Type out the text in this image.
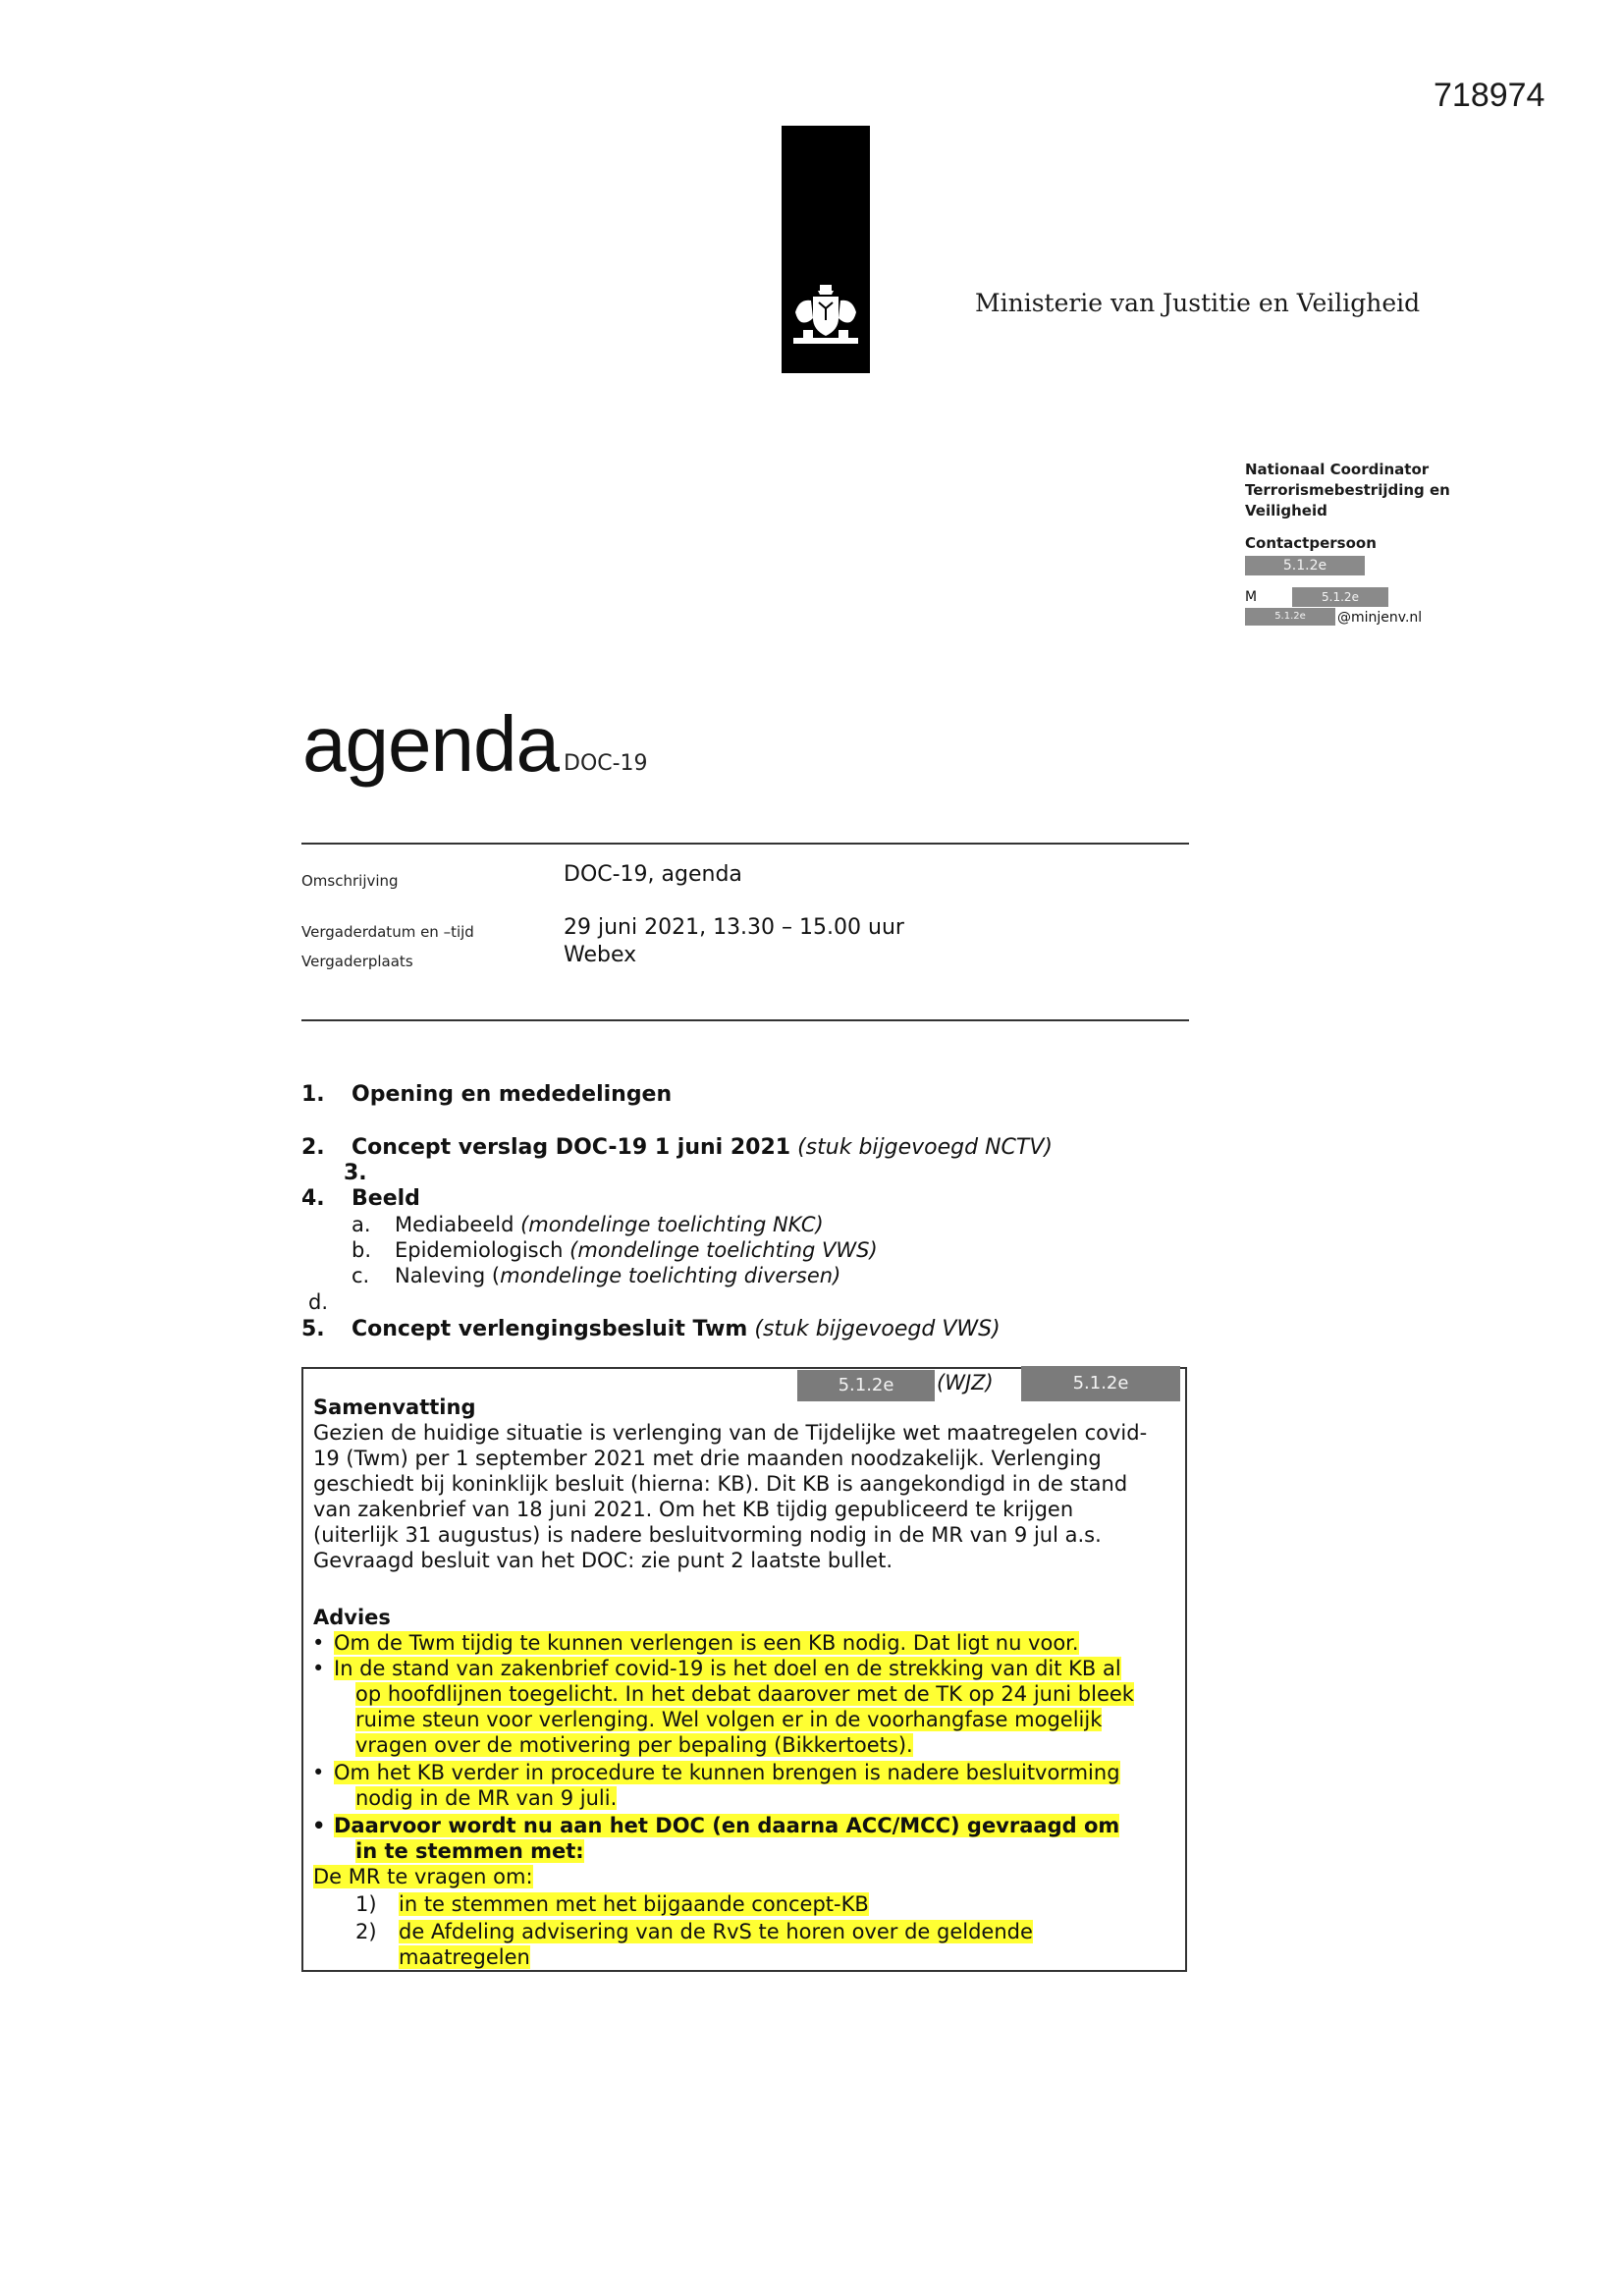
718974
Ministerie van Justitie en Veiligheid
Nationaal Coordinator Terrorismebestrijding en Veiligheid
Contactpersoon
5.1.2e
M	5.1.2e
5.1.2e	@minjenv.nl
agenda DOC-19
Omschrijving	DOC-19, agenda
Vergaderdatum en –tijd	29 juni 2021, 13.30 – 15.00 uur
Vergaderplaats	Webex
1. Opening en mededelingen
2. Concept verslag DOC-19 1 juni 2021 (stuk bijgevoegd NCTV)
3.
4. Beeld
a. Mediabeeld (mondelinge toelichting NKC)
b. Epidemiologisch (mondelinge toelichting VWS)
c. Naleving (mondelinge toelichting diversen)
d.
5. Concept verlengingsbesluit Twm (stuk bijgevoegd VWS)
5.1.2e	(WJZ)	5.1.2e
Samenvatting
Gezien de huidige situatie is verlenging van de Tijdelijke wet maatregelen covid-
19 (Twm) per 1 september 2021 met drie maanden noodzakelijk. Verlenging
geschiedt bij koninklijk besluit (hierna: KB). Dit KB is aangekondigd in de stand
van zakenbrief van 18 juni 2021. Om het KB tijdig gepubliceerd te krijgen
(uiterlijk 31 augustus) is nadere besluitvorming nodig in de MR van 9 jul a.s.
Gevraagd besluit van het DOC: zie punt 2 laatste bullet.
Advies
• Om de Twm tijdig te kunnen verlengen is een KB nodig. Dat ligt nu voor.
• In de stand van zakenbrief covid-19 is het doel en de strekking van dit KB al
op hoofdlijnen toegelicht. In het debat daarover met de TK op 24 juni bleek
ruime steun voor verlenging. Wel volgen er in de voorhangfase mogelijk
vragen over de motivering per bepaling (Bikkertoets).
• Om het KB verder in procedure te kunnen brengen is nadere besluitvorming
nodig in de MR van 9 juli.
• Daarvoor wordt nu aan het DOC (en daarna ACC/MCC) gevraagd om
in te stemmen met:
De MR te vragen om:
1) in te stemmen met het bijgaande concept-KB
2) de Afdeling advisering van de RvS te horen over de geldende
maatregelen
